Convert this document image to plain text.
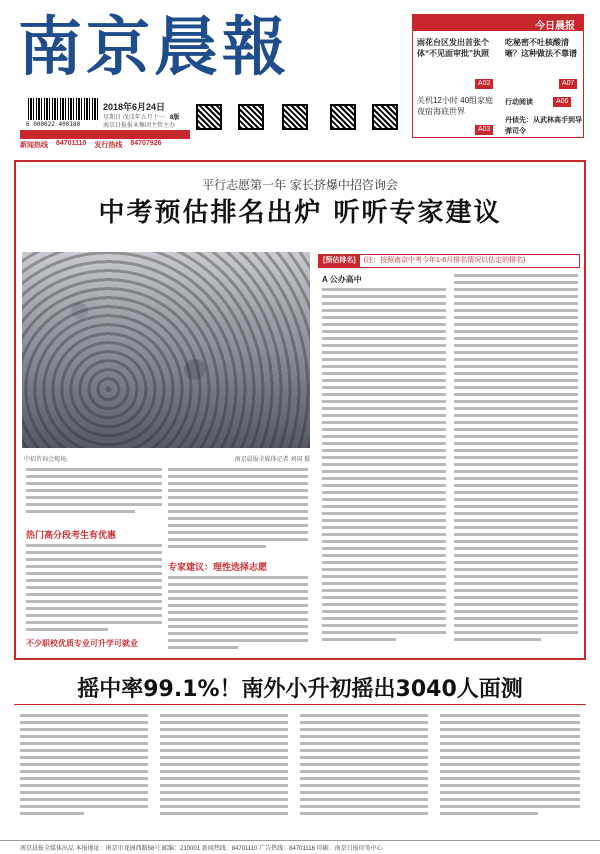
南京晨報
6 000022 400180
2018年6月24日
星期日 戊戌年五月十一
南京日报报业集团主管主办
8版
新闻热线 84701110 发行热线 84707926
今日晨报
雨花台区发出首张个体“不见面审批”执照
A02
吃秘密不吐核酸清晰？这种做法不靠谱
A07
关机12小时 40组家庭夜宿海底世界
A03
行动阅读	A06
丹侦先：从武林高手到导弹司令
平行志愿第一年 家长挤爆中招咨询会
中考预估排名出炉 听听专家建议
中招咨询会现场。	南京晨报全媒体记者 刘国 摄
[预估排名] (注：按照南京中考今年1-6月排名情况以估定的排名)
A 公办高中
热门高分段考生有优惠
不少职校优质专业可升学可就业
专家建议：理性选择志愿
摇中率99.1%！南外小升初摇出3040人面测
南京晨报全媒体出品 本报地址：南京市龙园西路58号 邮编：210001 新闻热线：84701110 广告热线：84701116 印刷：南京日报印务中心
